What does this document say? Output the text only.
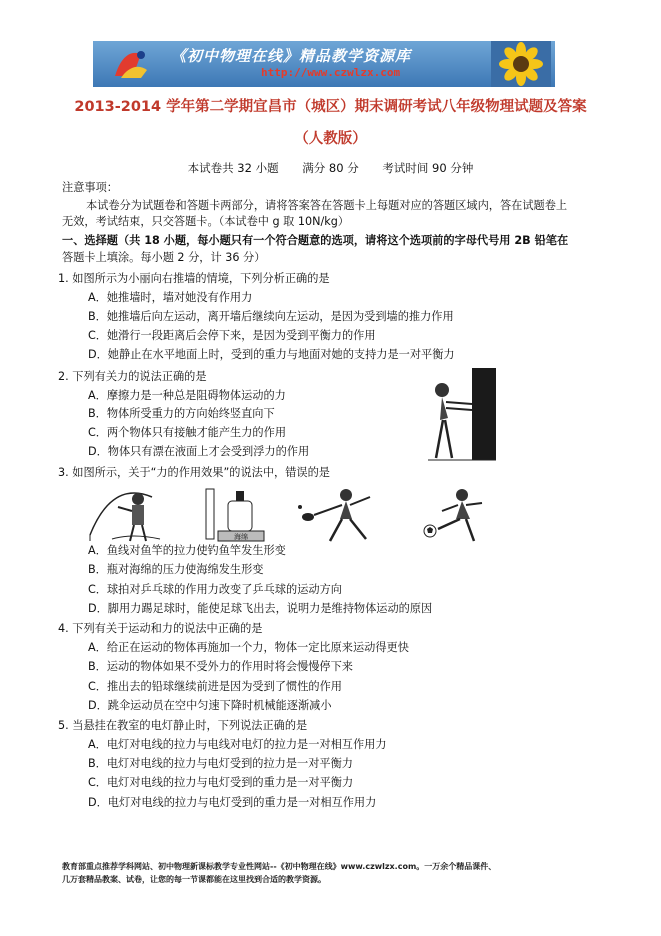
《初中物理在线》精品教学资源库
http://www.czwlzx.com
2013-2014 学年第二学期宜昌市（城区）期末调研考试八年级物理试题及答案
（人教版）
本试卷共 32 小题 满分 80 分 考试时间 90 分钟
注意事项：
本试卷分为试题卷和答题卡两部分，请将答案答在答题卡上每题对应的答题区域内，答在试题卷上
无效，考试结束，只交答题卡。（本试卷中 g 取 10N/kg）
一、选择题（共 18 小题，每小题只有一个符合题意的选项，请将这个选项前的字母代号用 2B 铅笔在
答题卡上填涂。每小题 2 分，计 36 分）
1. 如图所示为小丽向右推墙的情境，下列分析正确的是
A．她推墙时，墙对她没有作用力
B．她推墙后向左运动，离开墙后继续向左运动，是因为受到墙的推力作用
C．她滑行一段距离后会停下来，是因为受到平衡力的作用
D．她静止在水平地面上时，受到的重力与地面对她的支持力是一对平衡力
2. 下列有关力的说法正确的是
A．摩擦力是一种总是阻碍物体运动的力
B．物体所受重力的方向始终竖直向下
C．两个物体只有接触才能产生力的作用
D．物体只有漂在液面上才会受到浮力的作用
3. 如图所示，关于“力的作用效果”的说法中，错误的是
海绵
A．鱼线对鱼竿的拉力使钓鱼竿发生形变
B．瓶对海绵的压力使海绵发生形变
C．球拍对乒乓球的作用力改变了乒乓球的运动方向
D．脚用力踢足球时，能使足球飞出去，说明力是维持物体运动的原因
4. 下列有关于运动和力的说法中正确的是
A．给正在运动的物体再施加一个力，物体一定比原来运动得更快
B．运动的物体如果不受外力的作用时将会慢慢停下来
C．推出去的铅球继续前进是因为受到了惯性的作用
D．跳伞运动员在空中匀速下降时机械能逐渐减小
5. 当悬挂在教室的电灯静止时，下列说法正确的是
A．电灯对电线的拉力与电线对电灯的拉力是一对相互作用力
B．电灯对电线的拉力与电灯受到的拉力是一对平衡力
C．电灯对电线的拉力与电灯受到的重力是一对平衡力
D．电灯对电线的拉力与电灯受到的重力是一对相互作用力
教育部重点推荐学科网站、初中物理新课标教学专业性网站--《初中物理在线》www.czwlzx.com。一万余个精品课件、
几万套精品教案、试卷，让您的每一节课都能在这里找到合适的教学资源。
